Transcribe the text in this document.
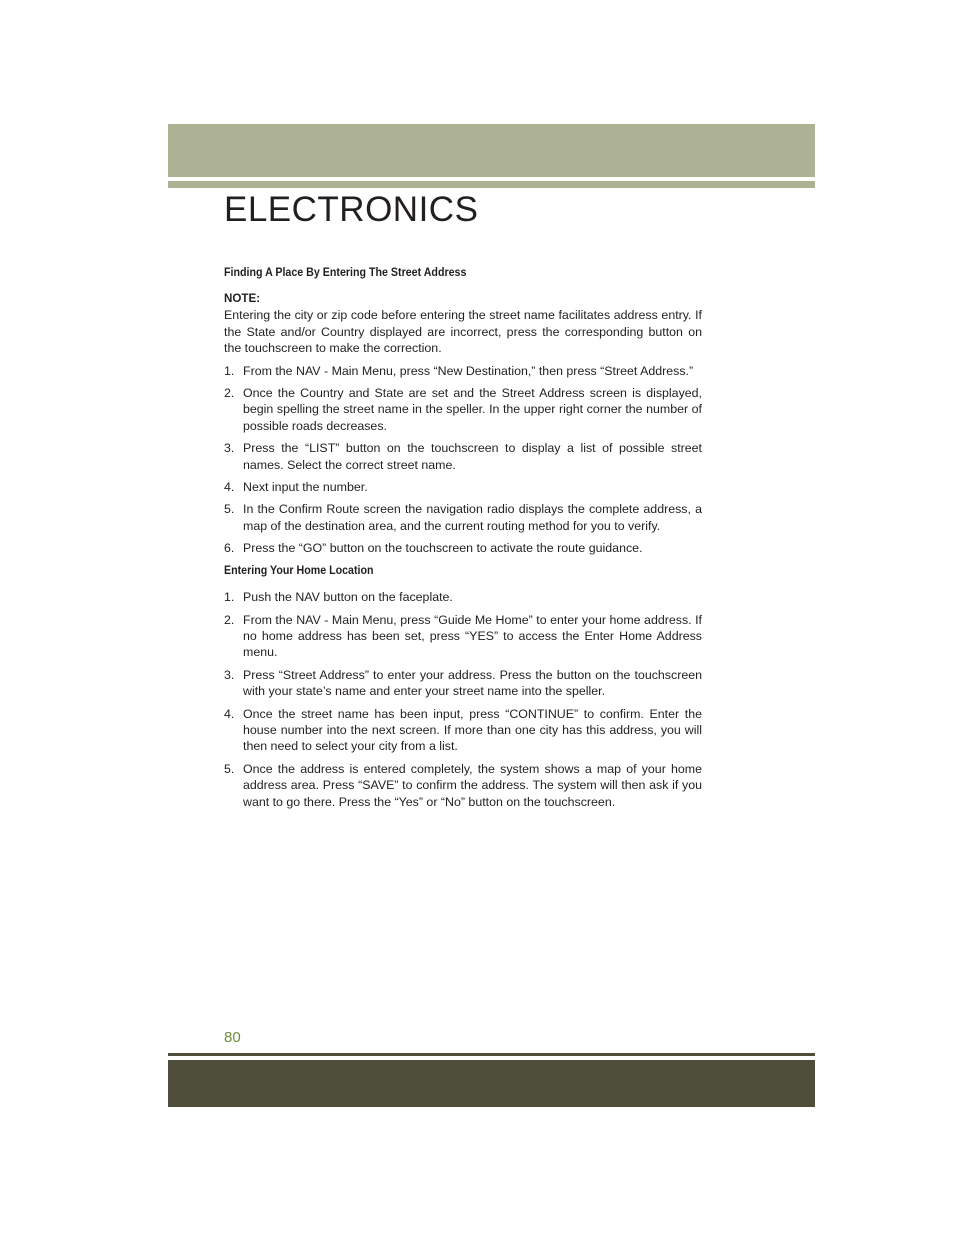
ELECTRONICS

Finding A Place By Entering The Street Address

NOTE:

Entering the city or zip code before entering the street name facilitates address entry. If the State and/or Country displayed are incorrect, press the corresponding button on the touchscreen to make the correction.

1. From the NAV - Main Menu, press “New Destination,” then press “Street Address.”
2. Once the Country and State are set and the Street Address screen is displayed, begin spelling the street name in the speller. In the upper right corner the number of possible roads decreases.
3. Press the “LIST” button on the touchscreen to display a list of possible street names. Select the correct street name.
4. Next input the number.
5. In the Confirm Route screen the navigation radio displays the complete address, a map of the destination area, and the current routing method for you to verify.
6. Press the “GO” button on the touchscreen to activate the route guidance.

Entering Your Home Location

1. Push the NAV button on the faceplate.
2. From the NAV - Main Menu, press “Guide Me Home” to enter your home address. If no home address has been set, press “YES” to access the Enter Home Address menu.
3. Press “Street Address” to enter your address. Press the button on the touchscreen with your state’s name and enter your street name into the speller.
4. Once the street name has been input, press “CONTINUE” to confirm. Enter the house number into the next screen. If more than one city has this address, you will then need to select your city from a list.
5. Once the address is entered completely, the system shows a map of your home address area. Press “SAVE” to confirm the address. The system will then ask if you want to go there. Press the “Yes” or “No” button on the touchscreen.
80
